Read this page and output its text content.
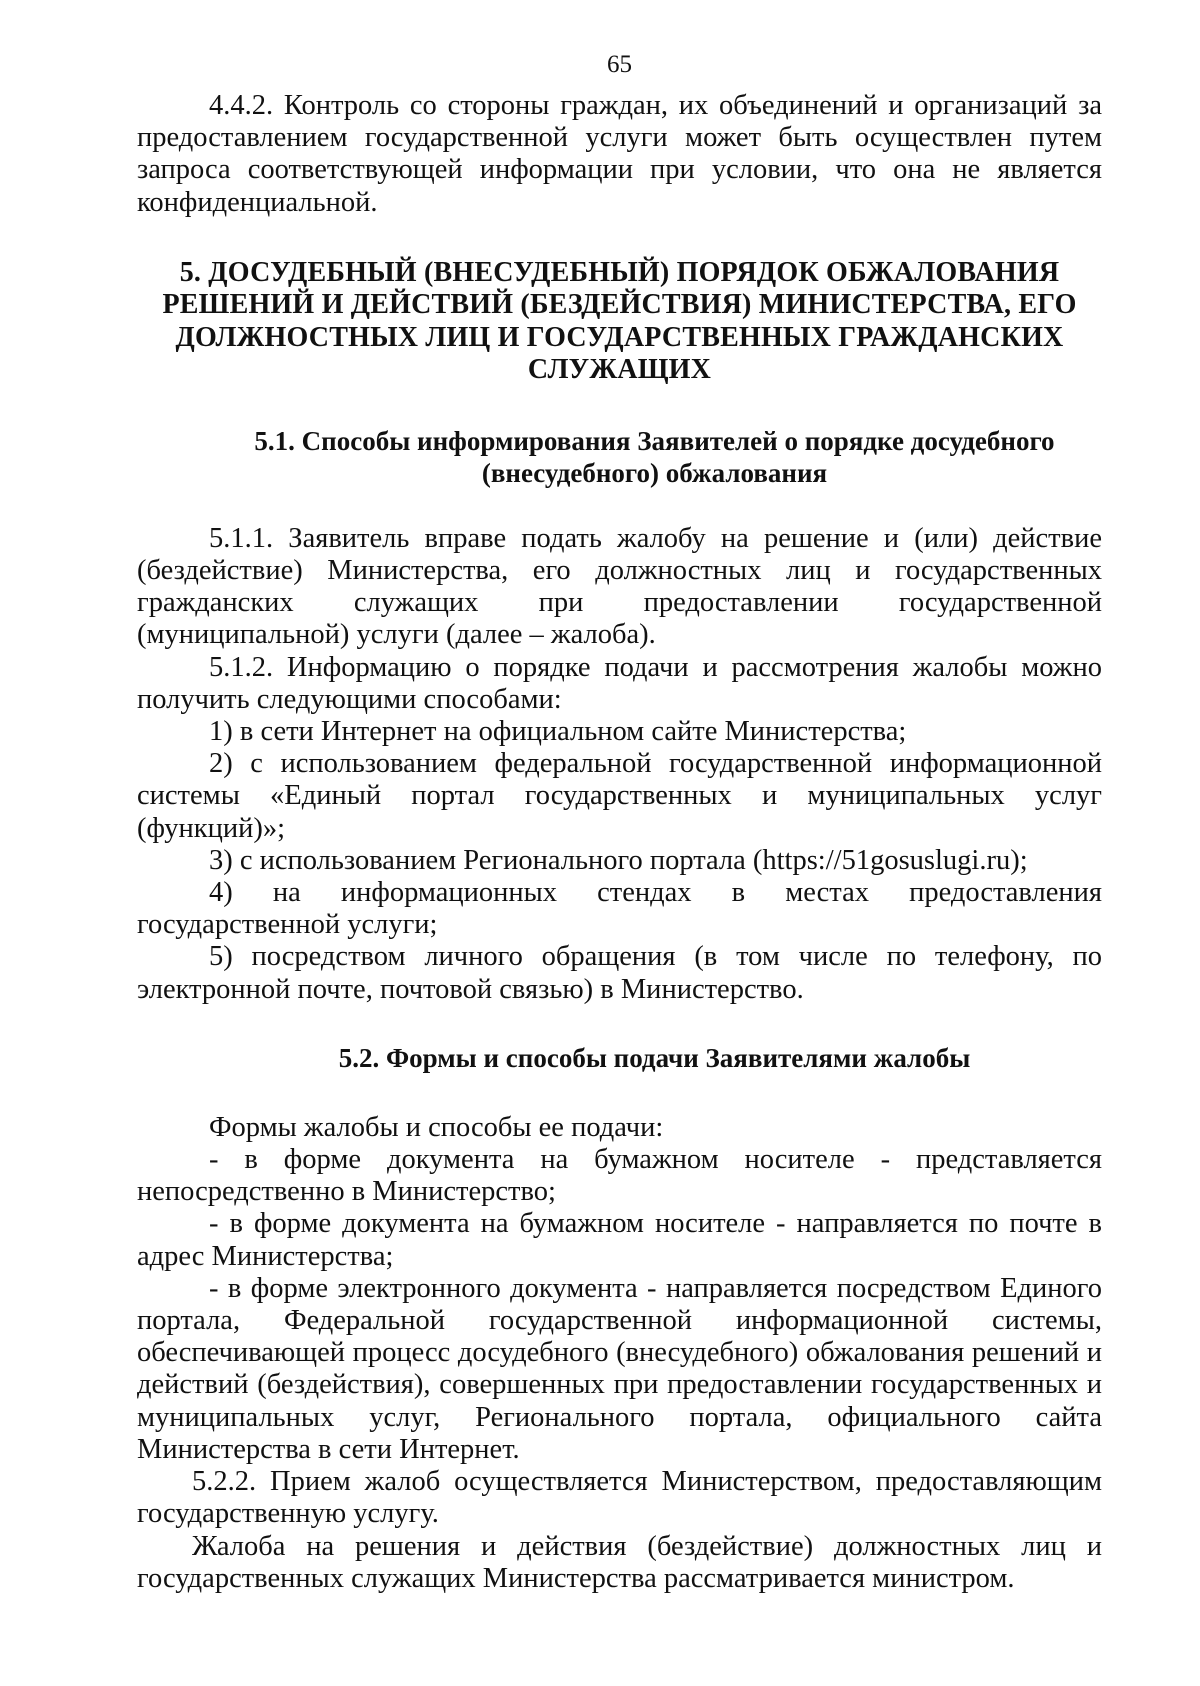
65

4.4.2. Контроль со стороны граждан, их объединений и организаций за предоставлением государственной услуги может быть осуществлен путем запроса соответствующей информации при условии, что она не является конфиденциальной.

5. ДОСУДЕБНЫЙ (ВНЕСУДЕБНЫЙ) ПОРЯДОК ОБЖАЛОВАНИЯ РЕШЕНИЙ И ДЕЙСТВИЙ (БЕЗДЕЙСТВИЯ) МИНИСТЕРСТВА, ЕГО ДОЛЖНОСТНЫХ ЛИЦ И ГОСУДАРСТВЕННЫХ ГРАЖДАНСКИХ СЛУЖАЩИХ
5.1. Способы информирования Заявителей о порядке досудебного (внесудебного) обжалования

5.1.1. Заявитель вправе подать жалобу на решение и (или) действие (бездействие) Министерства, его должностных лиц и государственных гражданских служащих при предоставлении государственной (муниципальной) услуги (далее – жалоба).

5.1.2. Информацию о порядке подачи и рассмотрения жалобы можно получить следующими способами:

1) в сети Интернет на официальном сайте Министерства;

2) с использованием федеральной государственной информационной системы «Единый портал государственных и муниципальных услуг (функций)»;

3) с использованием Регионального портала (https://51gosuslugi.ru);

4) на информационных стендах в местах предоставления государственной услуги;

5) посредством личного обращения (в том числе по телефону, по электронной почте, почтовой связью) в Министерство.

5.2. Формы и способы подачи Заявителями жалобы

Формы жалобы и способы ее подачи:

- в форме документа на бумажном носителе - представляется непосредственно в Министерство;

- в форме документа на бумажном носителе - направляется по почте в адрес Министерства;

- в форме электронного документа - направляется посредством Единого портала, Федеральной государственной информационной системы, обеспечивающей процесс досудебного (внесудебного) обжалования решений и действий (бездействия), совершенных при предоставлении государственных и муниципальных услуг, Регионального портала, официального сайта Министерства в сети Интернет.

5.2.2. Прием жалоб осуществляется Министерством, предоставляющим государственную услугу.

Жалоба на решения и действия (бездействие) должностных лиц и государственных служащих Министерства рассматривается министром.
